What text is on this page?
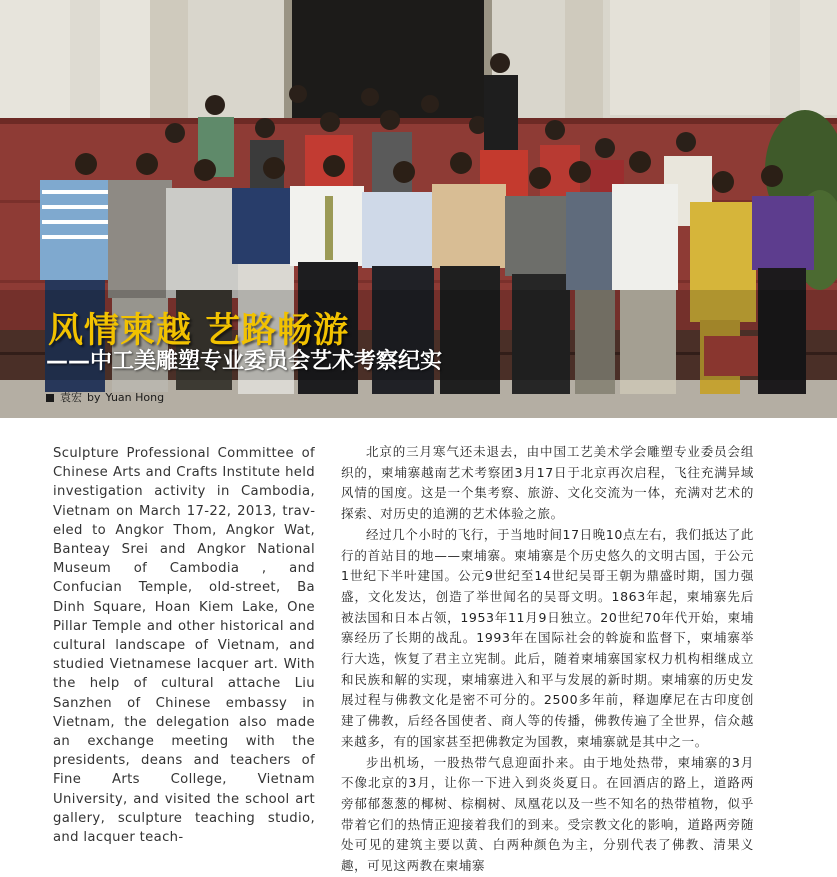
风情柬越 艺路畅游
——中工美雕塑专业委员会艺术考察纪实
袁宏 by Yuan Hong

Sculpture Professional Committee of Chinese Arts and Crafts Institute held investigation activity in Cambodia, Vietnam on March 17-22, 2013, traveled to Angkor Thom, Angkor Wat, Banteay Srei and Angkor National Museum of Cambodia , and Confucian Temple, old-street, Ba Dinh Square, Hoan Kiem Lake, One Pillar Temple and other historical and cultural landscape of Vietnam, and studied Vietnamese lacquer art. With the help of cultural attache Liu Sanzhen of Chinese embassy in Vietnam, the delegation also made an exchange meeting with the presidents, deans and teachers of Fine Arts College, Vietnam University, and visited the school art gallery, sculpture teaching studio, and lacquer teach-

北京的三月寒气还未退去，由中国工艺美术学会雕塑专业委员会组织的，柬埔寨越南艺术考察团3月17日于北京再次启程，飞往充满异域风情的国度。这是一个集考察、旅游、文化交流为一体，充满对艺术的探索、对历史的追溯的艺术体验之旅。

经过几个小时的飞行，于当地时间17日晚10点左右，我们抵达了此行的首站目的地——柬埔寨。柬埔寨是个历史悠久的文明古国，于公元1世纪下半叶建国。公元9世纪至14世纪吴哥王朝为鼎盛时期，国力强盛，文化发达，创造了举世闻名的吴哥文明。1863年起，柬埔寨先后被法国和日本占领，1953年11月9日独立。20世纪70年代开始，柬埔寨经历了长期的战乱。1993年在国际社会的斡旋和监督下，柬埔寨举行大选，恢复了君主立宪制。此后，随着柬埔寨国家权力机构相继成立和民族和解的实现，柬埔寨进入和平与发展的新时期。柬埔寨的历史发展过程与佛教文化是密不可分的。2500多年前，释迦摩尼在古印度创建了佛教，后经各国使者、商人等的传播，佛教传遍了全世界，信众越来越多，有的国家甚至把佛教定为国教，柬埔寨就是其中之一。

步出机场，一股热带气息迎面扑来。由于地处热带，柬埔寨的3月不像北京的3月，让你一下进入到炎炎夏日。在回酒店的路上，道路两旁郁郁葱葱的椰树、棕榈树、凤凰花以及一些不知名的热带植物，似乎带着它们的热情正迎接着我们的到来。受宗教文化的影响，道路两旁随处可见的建筑主要以黄、白两种颜色为主，分别代表了佛教、清果义趣，可见这两教在柬埔寨
